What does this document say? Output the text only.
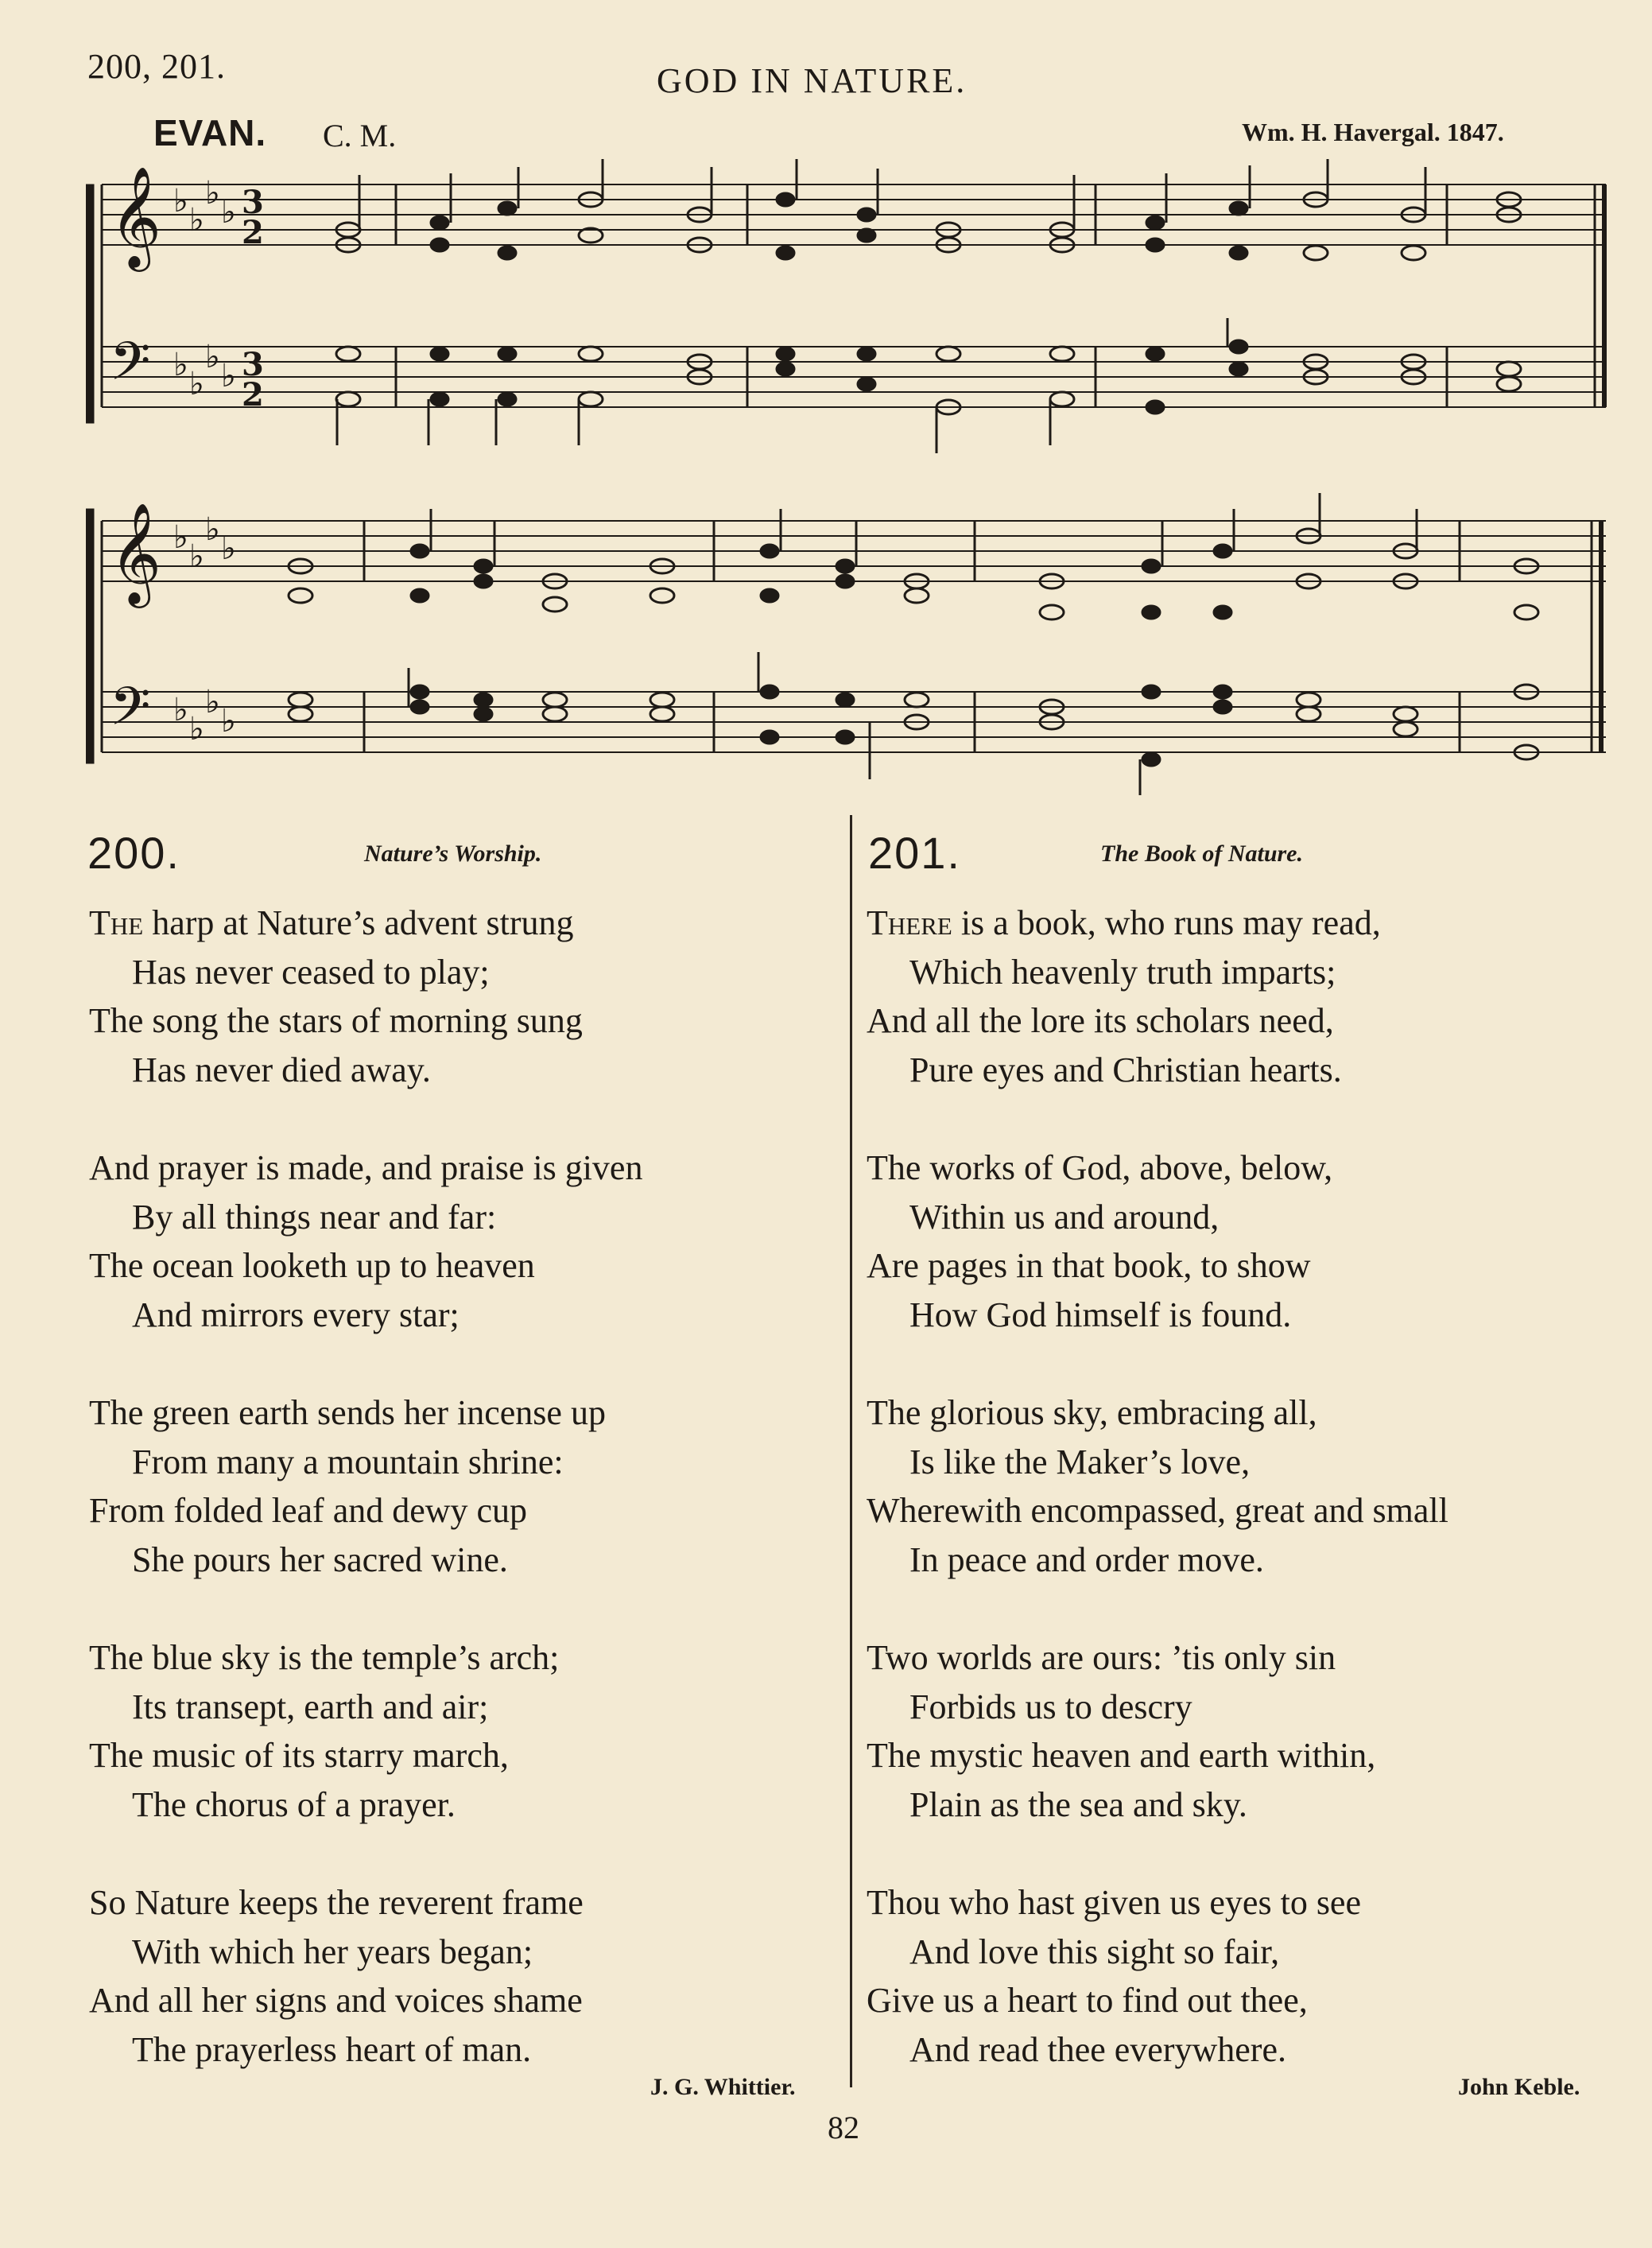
200, 201.	GOD IN NATURE.
EVAN. C. M.	Wm. H. Havergal. 1847.
𝄞
𝄢
𝄞
𝄢
♭
♭
♭
♭
♭
♭
♭
♭
♭
♭
♭
♭
♭
♭
♭
♭
3
2
3
2
200.	Nature’s Worship.
The harp at Nature’s advent strung
Has never ceased to play;
The song the stars of morning sung
Has never died away.
And prayer is made, and praise is given
By all things near and far:
The ocean looketh up to heaven
And mirrors every star;
The green earth sends her incense up
From many a mountain shrine:
From folded leaf and dewy cup
She pours her sacred wine.
The blue sky is the temple’s arch;
Its transept, earth and air;
The music of its starry march,
The chorus of a prayer.
So Nature keeps the reverent frame
With which her years began;
And all her signs and voices shame
The prayerless heart of man.
J. G. Whittier.
201.	The Book of Nature.
There is a book, who runs may read,
Which heavenly truth imparts;
And all the lore its scholars need,
Pure eyes and Christian hearts.
The works of God, above, below,
Within us and around,
Are pages in that book, to show
How God himself is found.
The glorious sky, embracing all,
Is like the Maker’s love,
Wherewith encompassed, great and small
In peace and order move.
Two worlds are ours: ’tis only sin
Forbids us to descry
The mystic heaven and earth within,
Plain as the sea and sky.
Thou who hast given us eyes to see
And love this sight so fair,
Give us a heart to find out thee,
And read thee everywhere.
John Keble.
82
